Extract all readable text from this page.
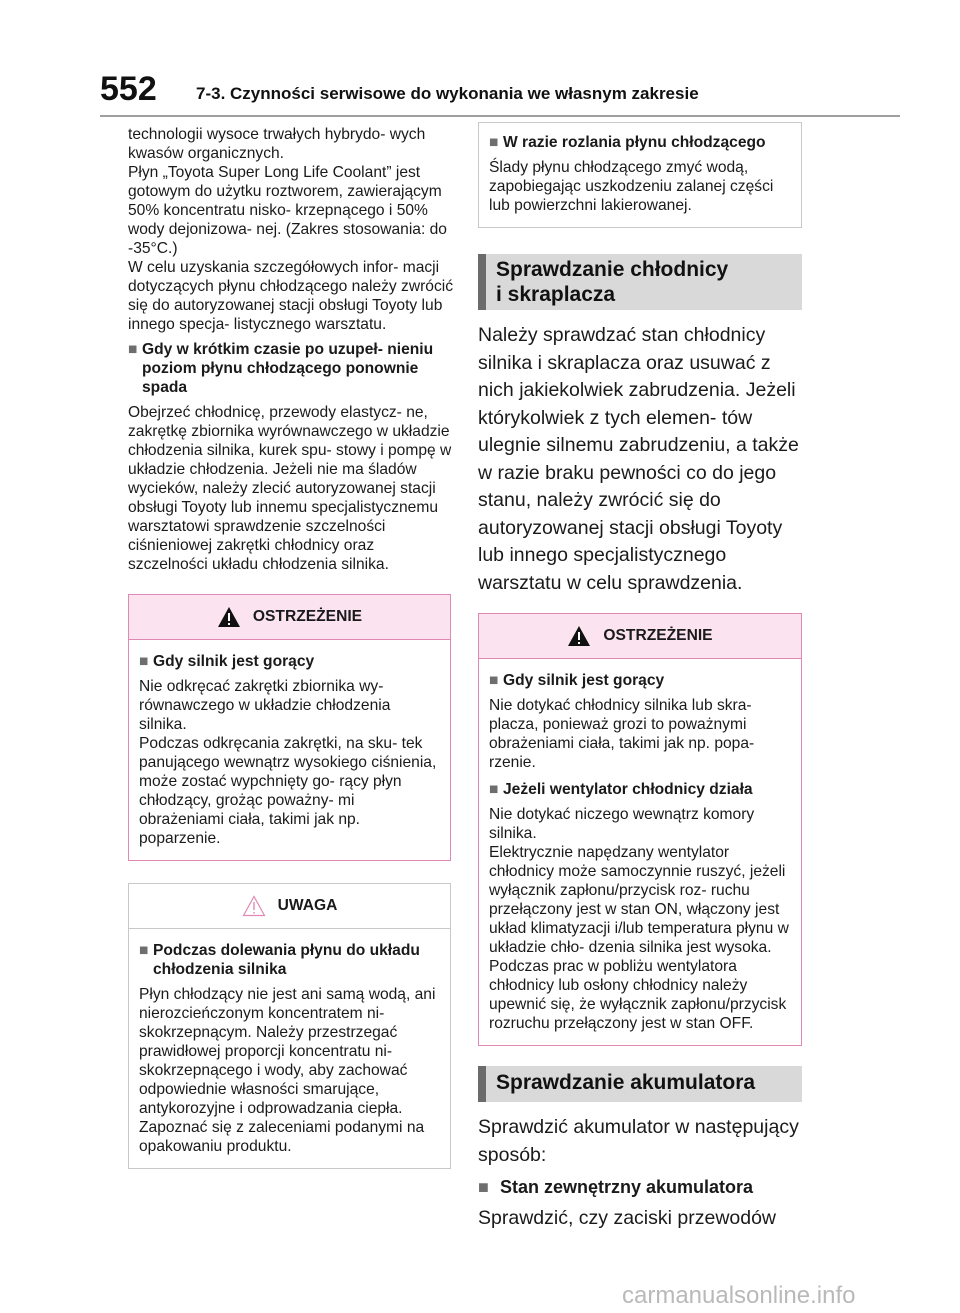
552 7-3. Czynności serwisowe do wykonania we własnym zakresie

technologii wysoce trwałych hybrydo- wych kwasów organicznych.

Płyn „Toyota Super Long Life Coolant” jest gotowym do użytku roztworem, zawierającym 50% koncentratu nisko- krzepnącego i 50% wody dejonizowa- nej. (Zakres stosowania: do -35°C.)

W celu uzyskania szczegółowych infor- macji dotyczących płynu chłodzącego należy zwrócić się do autoryzowanej stacji obsługi Toyoty lub innego specja- listycznego warsztatu.

■ Gdy w krótkim czasie po uzupeł- nieniu poziom płynu chłodzącego ponownie spada

Obejrzeć chłodnicę, przewody elastycz- ne, zakrętkę zbiornika wyrównawczego w układzie chłodzenia silnika, kurek spu- stowy i pompę w układzie chłodzenia. Jeżeli nie ma śladów wycieków, należy zlecić autoryzowanej stacji obsługi Toyoty lub innemu specjalistycznemu warsztatowi sprawdzenie szczelności ciśnieniowej zakrętki chłodnicy oraz szczelności układu chłodzenia silnika.

OSTRZEŻENIE
■ Gdy silnik jest gorący

Nie odkręcać zakrętki zbiornika wy- równawczego w układzie chłodzenia silnika.

Podczas odkręcania zakrętki, na sku- tek panującego wewnątrz wysokiego ciśnienia, może zostać wypchnięty go- rący płyn chłodzący, grożąc poważny- mi obrażeniami ciała, takimi jak np. poparzenie.

UWAGA
■ Podczas dolewania płynu do układu chłodzenia silnika

Płyn chłodzący nie jest ani samą wodą, ani nierozcieńczonym koncentratem ni- skokrzepnącym. Należy przestrzegać prawidłowej proporcji koncentratu ni- skokrzepnącego i wody, aby zachować odpowiednie własności smarujące, antykorozyjne i odprowadzania ciepła. Zapoznać się z zaleceniami podanymi na opakowaniu produktu.

■ W razie rozlania płynu chłodzącego

Ślady płynu chłodzącego zmyć wodą, zapobiegając uszkodzeniu zalanej części lub powierzchni lakierowanej.

Sprawdzanie chłodnicy
i skraplacza

Należy sprawdzać stan chłodnicy silnika i skraplacza oraz usuwać z nich jakiekolwiek zabrudzenia. Jeżeli którykolwiek z tych elemen- tów ulegnie silnemu zabrudzeniu, a także w razie braku pewności co do jego stanu, należy zwrócić się do autoryzowanej stacji obsługi Toyoty lub innego specjalistycznego warsztatu w celu sprawdzenia.

OSTRZEŻENIE
■ Gdy silnik jest gorący

Nie dotykać chłodnicy silnika lub skra- placza, ponieważ grozi to poważnymi obrażeniami ciała, takimi jak np. popa- rzenie.

■ Jeżeli wentylator chłodnicy działa

Nie dotykać niczego wewnątrz komory silnika.

Elektrycznie napędzany wentylator chłodnicy może samoczynnie ruszyć, jeżeli wyłącznik zapłonu/przycisk roz- ruchu przełączony jest w stan ON, włączony jest układ klimatyzacji i/lub temperatura płynu w układzie chło- dzenia silnika jest wysoka. Podczas prac w pobliżu wentylatora chłodnicy lub osłony chłodnicy należy upewnić się, że wyłącznik zapłonu/przycisk rozruchu przełączony jest w stan OFF.

Sprawdzanie akumulatora

Sprawdzić akumulator w następujący sposób:

■ Stan zewnętrzny akumulatora

Sprawdzić, czy zaciski przewodów

carmanualsonline.info
